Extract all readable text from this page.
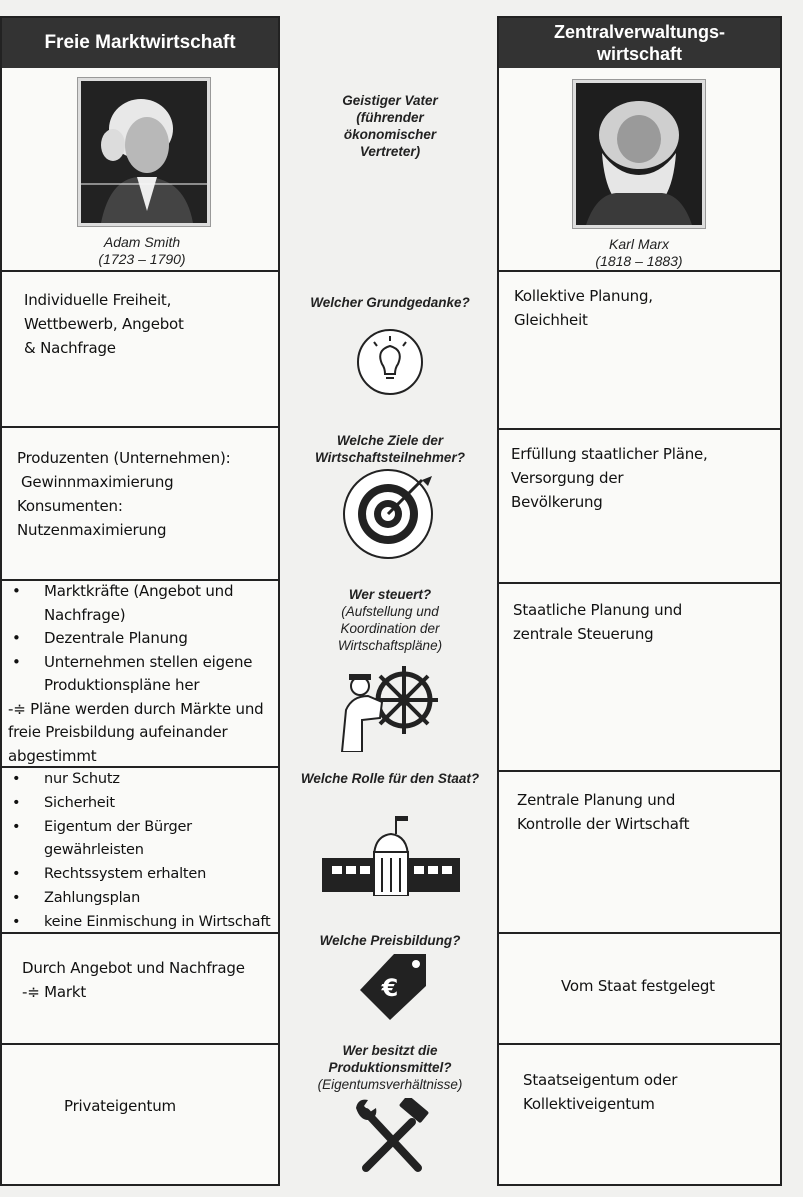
Freie Marktwirtschaft
Adam Smith
(1723 – 1790)

Individuelle Freiheit,

Wettbewerb, Angebot

& Nachfrage

Produzenten (Unternehmen):

Gewinnmaximierung

Konsumenten:

Nutzenmaximierung

• Marktkräfte (Angebot und Nachfrage)
• Dezentrale Planung
• Unternehmen stellen eigene Produktionspläne her

-≑ Pläne werden durch Märkte und freie Preisbildung aufeinander abgestimmt

• nur Schutz
• Sicherheit
• Eigentum der Bürger gewährleisten
• Rechtssystem erhalten
• Zahlungsplan
• keine Einmischung in Wirtschaft

Durch Angebot und Nachfrage

-≑ Markt

Privateigentum

Zentralverwaltungs-wirtschaft
Karl Marx
(1818 – 1883)

Kollektive Planung,

Gleichheit

Erfüllung staatlicher Pläne,

Versorgung der

Bevölkerung

Staatliche Planung und

zentrale Steuerung

Zentrale Planung und

Kontrolle der Wirtschaft

Vom Staat festgelegt

Staatseigentum oder

Kollektiveigentum

Geistiger Vater (führender ökonomischer Vertreter)
Welcher Grundgedanke?
Welche Ziele der Wirtschaftsteilnehmer?
Wer steuert?
(Aufstellung und Koordination der Wirtschaftspläne)
Welche Rolle für den Staat?
Welche Preisbildung?
€
Wer besitzt die Produktionsmittel?
(Eigentumsverhältnisse)
